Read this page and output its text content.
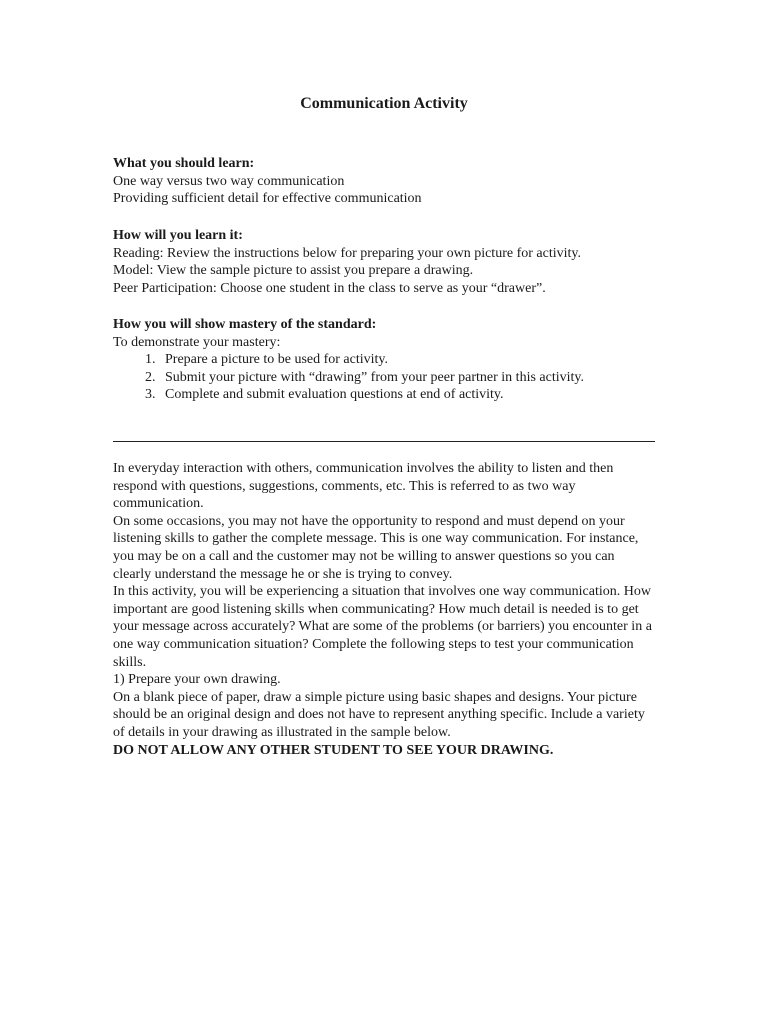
Communication Activity

What you should learn:

One way versus two way communication

Providing sufficient detail for effective communication

How will you learn it:

Reading: Review the instructions below for preparing your own picture for activity.

Model: View the sample picture to assist you prepare a drawing.

Peer Participation: Choose one student in the class to serve as your “drawer”.

How you will show mastery of the standard:

To demonstrate your mastery:

1. Prepare a picture to be used for activity.
2. Submit your picture with “drawing” from your peer partner in this activity.
3. Complete and submit evaluation questions at end of activity.

In everyday interaction with others, communication involves the ability to listen and then respond with questions, suggestions, comments, etc. This is referred to as two way communication.

On some occasions, you may not have the opportunity to respond and must depend on your listening skills to gather the complete message. This is one way communication. For instance, you may be on a call and the customer may not be willing to answer questions so you can clearly understand the message he or she is trying to convey.

In this activity, you will be experiencing a situation that involves one way communication. How important are good listening skills when communicating? How much detail is needed is to get your message across accurately? What are some of the problems (or barriers) you encounter in a one way communication situation? Complete the following steps to test your communication skills.

1) Prepare your own drawing.

On a blank piece of paper, draw a simple picture using basic shapes and designs. Your picture should be an original design and does not have to represent anything specific. Include a variety of details in your drawing as illustrated in the sample below.

DO NOT ALLOW ANY OTHER STUDENT TO SEE YOUR DRAWING.
